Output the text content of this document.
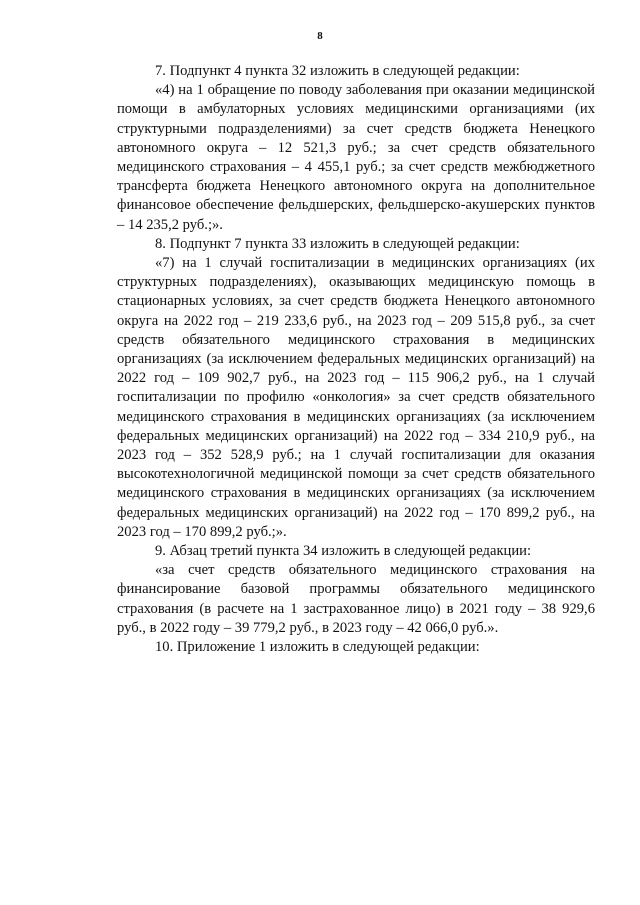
8

7. Подпункт 4 пункта 32 изложить в следующей редакции:

«4) на 1 обращение по поводу заболевания при оказании медицинской помощи в амбулаторных условиях медицинскими организациями (их структурными подразделениями) за счет средств бюджета Ненецкого автономного округа – 12 521,3 руб.; за счет средств обязательного медицинского страхования – 4 455,1 руб.; за счет средств межбюджетного трансферта бюджета Ненецкого автономного округа на дополнительное финансовое обеспечение фельдшерских, фельдшерско-акушерских пунктов – 14 235,2 руб.;».

8. Подпункт 7 пункта 33 изложить в следующей редакции:

«7) на 1 случай госпитализации в медицинских организациях (их структурных подразделениях), оказывающих медицинскую помощь в стационарных условиях, за счет средств бюджета Ненецкого автономного округа на 2022 год – 219 233,6 руб., на 2023 год – 209 515,8 руб., за счет средств обязательного медицинского страхования в медицинских организациях (за исключением федеральных медицинских организаций) на 2022 год – 109 902,7 руб., на 2023 год – 115 906,2 руб., на 1 случай госпитализации по профилю «онкология» за счет средств обязательного медицинского страхования в медицинских организациях (за исключением федеральных медицинских организаций) на 2022 год – 334 210,9 руб., на 2023 год – 352 528,9 руб.; на 1 случай госпитализации для оказания высокотехнологичной медицинской помощи за счет средств обязательного медицинского страхования в медицинских организациях (за исключением федеральных медицинских организаций) на 2022 год – 170 899,2 руб., на 2023 год – 170 899,2 руб.;».

9. Абзац третий пункта 34 изложить в следующей редакции:

«за счет средств обязательного медицинского страхования на финансирование базовой программы обязательного медицинского страхования (в расчете на 1 застрахованное лицо) в 2021 году – 38 929,6 руб., в 2022 году – 39 779,2 руб., в 2023 году – 42 066,0 руб.».

10. Приложение 1 изложить в следующей редакции:
